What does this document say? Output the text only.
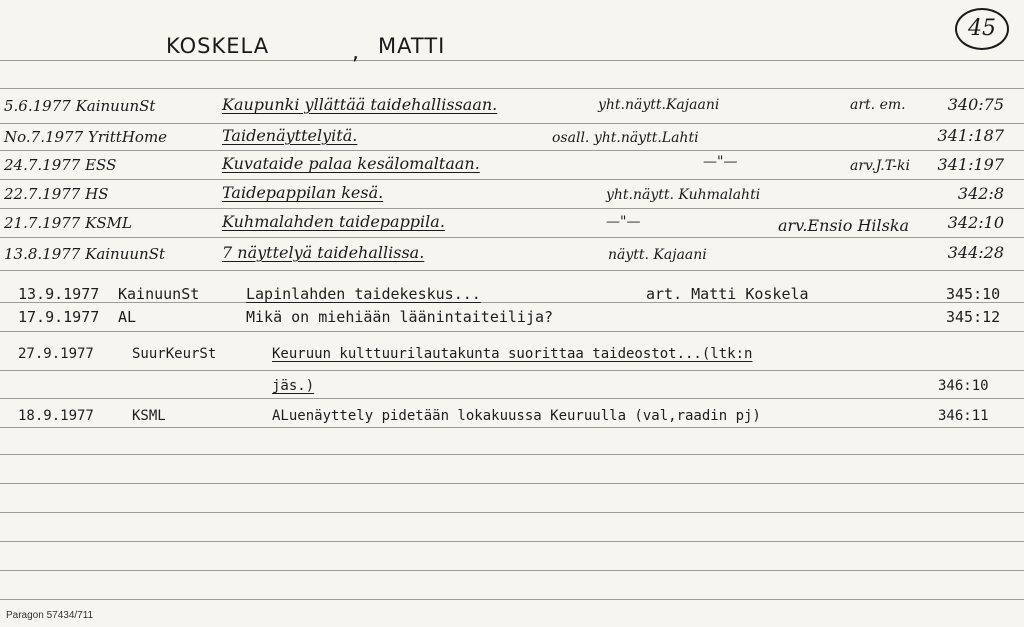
KOSKELA	, MATTI
45
5.6.1977 KainuunSt	Kaupunki yllättää taidehallissaan.	yht.näytt.Kajaani	art. em.	340:75
No.7.1977 YrittHome	Taidenäyttelyitä.	osall. yht.näytt.Lahti	341:187
24.7.1977 ESS	Kuvataide palaa kesälomaltaan.	—"—	arv.J.T-ki 341:197
22.7.1977 HS	Taidepappilan kesä.	yht.näytt. Kuhmalahti	342:8
21.7.1977 KSML	Kuhmalahden taidepappila.	—"—	arv.Ensio Hilska 342:10
13.8.1977 KainuunSt	7 näyttelyä taidehallissa.	näytt. Kajaani	344:28
13.9.1977 KainuunSt	Lapinlahden taidekeskus...	art. Matti Koskela	345:10
17.9.1977 AL	Mikä on miehiään läänintaiteilija?	345:12
27.9.1977	SuurKeurSt	Keuruun kulttuurilautakunta suorittaa taideostot...(ltk:n
jäs.)	346:10
18.9.1977	KSML	ALuenäyttely pidetään lokakuussa Keuruulla (val,raadin pj)	346:11
Paragon 57434/711
